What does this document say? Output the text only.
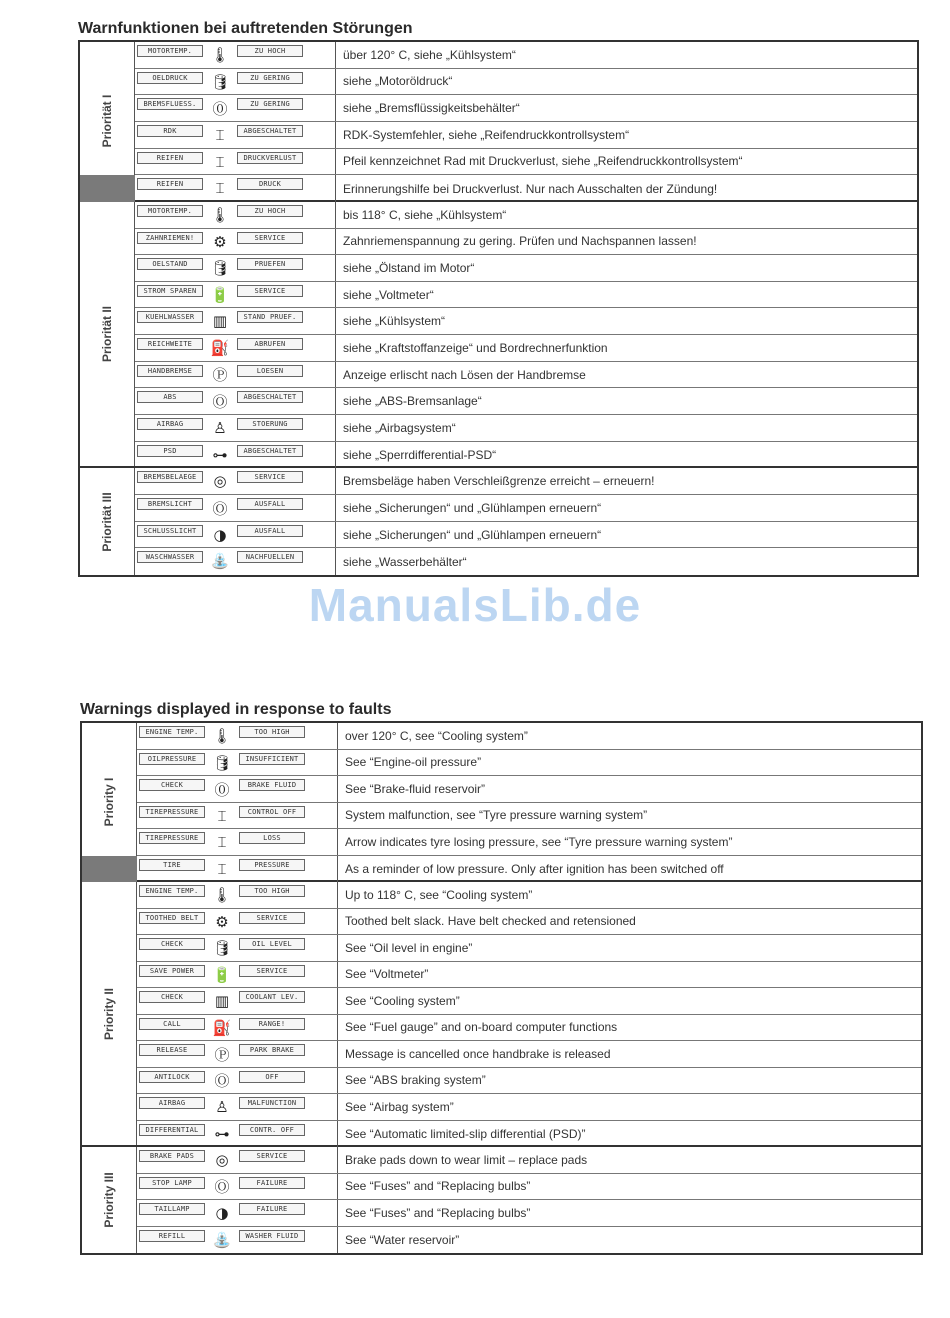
Warnfunktionen bei auftretenden Störungen
Priorität I
MOTORTEMP.	🌡	ZU HOCH	über 120° C, siehe „Kühlsystem“
OELDRUCK	🛢	ZU GERING	siehe „Motoröldruck“
BREMSFLUESS.	⓪	ZU GERING	siehe „Bremsflüssigkeitsbehälter“
RDK	⌶	ABGESCHALTET	RDK-Systemfehler, siehe „Reifendruckkontrollsystem“
REIFEN	⌶	DRUCKVERLUST	Pfeil kennzeichnet Rad mit Druckverlust, siehe „Reifendruckkontrollsystem“
REIFEN	⌶	DRUCK	Erinnerungshilfe bei Druckverlust. Nur nach Ausschalten der Zündung!
Priorität II
MOTORTEMP.	🌡	ZU HOCH	bis 118° C, siehe „Kühlsystem“
ZAHNRIEMEN!	⚙	SERVICE	Zahnriemenspannung zu gering. Prüfen und Nachspannen lassen!
OELSTAND	🛢	PRUEFEN	siehe „Ölstand im Motor“
STROM SPAREN 🔋	SERVICE	siehe „Voltmeter“
KUEHLWASSER	▥	STAND PRUEF.	siehe „Kühlsystem“
REICHWEITE	⛽	ABRUFEN	siehe „Kraftstoffanzeige“ und Bordrechnerfunktion
HANDBREMSE	Ⓟ	LOESEN	Anzeige erlischt nach Lösen der Handbremse
ABS	Ⓞ	ABGESCHALTET	siehe „ABS-Bremsanlage“
AIRBAG	♙	STOERUNG	siehe „Airbagsystem“
PSD	⊶	ABGESCHALTET	siehe „Sperrdifferential-PSD“
Priorität III
BREMSBELAEGE	◎	SERVICE	Bremsbeläge haben Verschleißgrenze erreicht – erneuern!
BREMSLICHT	Ⓞ	AUSFALL	siehe „Sicherungen“ und „Glühlampen erneuern“
SCHLUSSLICHT	◑	AUSFALL	siehe „Sicherungen“ und „Glühlampen erneuern“
WASCHWASSER	⛲	NACHFUELLEN	siehe „Wasserbehälter“
ManualsLib.de
Warnings displayed in response to faults
Priority I
ENGINE TEMP. 🌡	TOO HIGH	over 120° C, see “Cooling system”
OILPRESSURE	🛢	INSUFFICIENT	See “Engine-oil pressure”
CHECK	⓪	BRAKE FLUID	See “Brake-fluid reservoir”
TIREPRESSURE	⌶	CONTROL OFF	System malfunction, see “Tyre pressure warning system”
TIREPRESSURE	⌶	LOSS	Arrow indicates tyre losing pressure, see “Tyre pressure warning system”
TIRE	⌶	PRESSURE	As a reminder of low pressure. Only after ignition has been switched off
Priority II
ENGINE TEMP. 🌡	TOO HIGH	Up to 118° C, see “Cooling system”
TOOTHED BELT	⚙	SERVICE	Toothed belt slack. Have belt checked and retensioned
CHECK	🛢	OIL LEVEL	See “Oil level in engine”
SAVE POWER	🔋	SERVICE	See “Voltmeter”
CHECK	▥	COOLANT LEV.	See “Cooling system”
CALL	⛽	RANGE!	See “Fuel gauge” and on-board computer functions
RELEASE	Ⓟ	PARK BRAKE	Message is cancelled once handbrake is released
ANTILOCK	Ⓞ	OFF	See “ABS braking system”
AIRBAG	♙	MALFUNCTION	See “Airbag system”
DIFFERENTIAL	⊶	CONTR. OFF	See “Automatic limited-slip differential (PSD)”
Priority III
BRAKE PADS	◎	SERVICE	Brake pads down to wear limit – replace pads
STOP LAMP	Ⓞ	FAILURE	See “Fuses” and “Replacing bulbs”
TAILLAMP	◑	FAILURE	See “Fuses” and “Replacing bulbs”
REFILL	⛲	WASHER FLUID	See “Water reservoir”
